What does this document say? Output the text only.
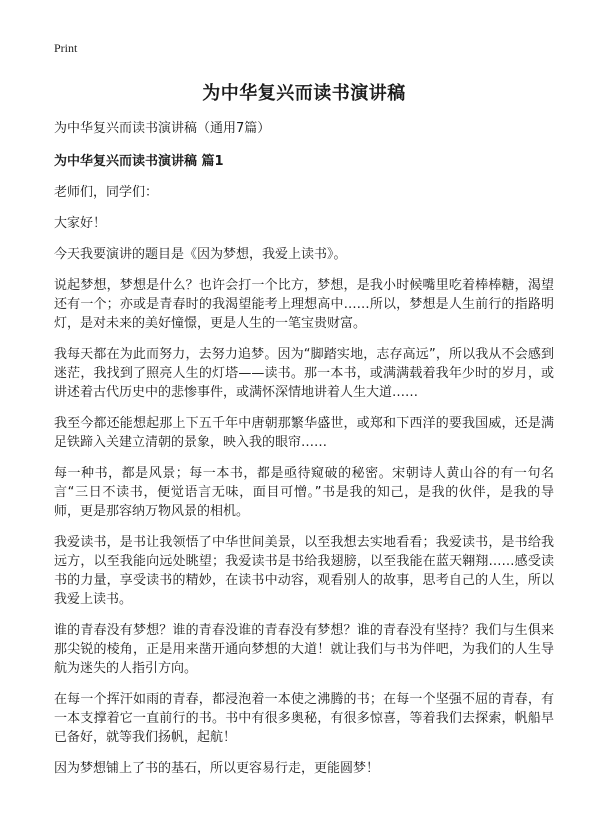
Print
为中华复兴而读书演讲稿

为中华复兴而读书演讲稿（通用7篇）

为中华复兴而读书演讲稿 篇1

老师们，同学们：

大家好！

今天我要演讲的题目是《因为梦想，我爱上读书》。

说起梦想，梦想是什么？也许会打一个比方，梦想，是我小时候嘴里吃着棒棒糖，渴望还有一个；亦或是青春时的我渴望能考上理想高中……所以，梦想是人生前行的指路明灯，是对未来的美好憧憬，更是人生的一笔宝贵财富。

我每天都在为此而努力，去努力追梦。因为“脚踏实地，志存高远”，所以我从不会感到迷茫，我找到了照亮人生的灯塔——读书。那一本书，或满满载着我年少时的岁月，或讲述着古代历史中的悲惨事件，或满怀深情地讲着人生大道……

我至今都还能想起那上下五千年中唐朝那繁华盛世，或郑和下西洋的要我国威，还是满足铁蹄入关建立清朝的景象，映入我的眼帘……

每一种书，都是风景；每一本书，都是亟待窥破的秘密。宋朝诗人黄山谷的有一句名言“三日不读书，便觉语言无味，面目可憎。”书是我的知己，是我的伙伴，是我的导师，更是那容纳万物风景的相机。

我爱读书，是书让我领悟了中华世间美景，以至我想去实地看看；我爱读书，是书给我远方，以至我能向远处眺望；我爱读书是书给我翅膀，以至我能在蓝天翱翔……感受读书的力量，享受读书的精妙，在读书中动容，观看别人的故事，思考自己的人生，所以我爱上读书。

谁的青春没有梦想？谁的青春没谁的青春没有梦想？谁的青春没有坚持？我们与生俱来那尖锐的棱角，正是用来凿开通向梦想的大道！就让我们与书为伴吧，为我们的人生导航为迷失的人指引方向。

在每一个挥汗如雨的青春，都浸泡着一本使之沸腾的书；在每一个坚强不屈的青春，有一本支撑着它一直前行的书。书中有很多奥秘，有很多惊喜，等着我们去探索，帆船早已备好，就等我们扬帆，起航！

因为梦想铺上了书的基石，所以更容易行走，更能圆梦！
